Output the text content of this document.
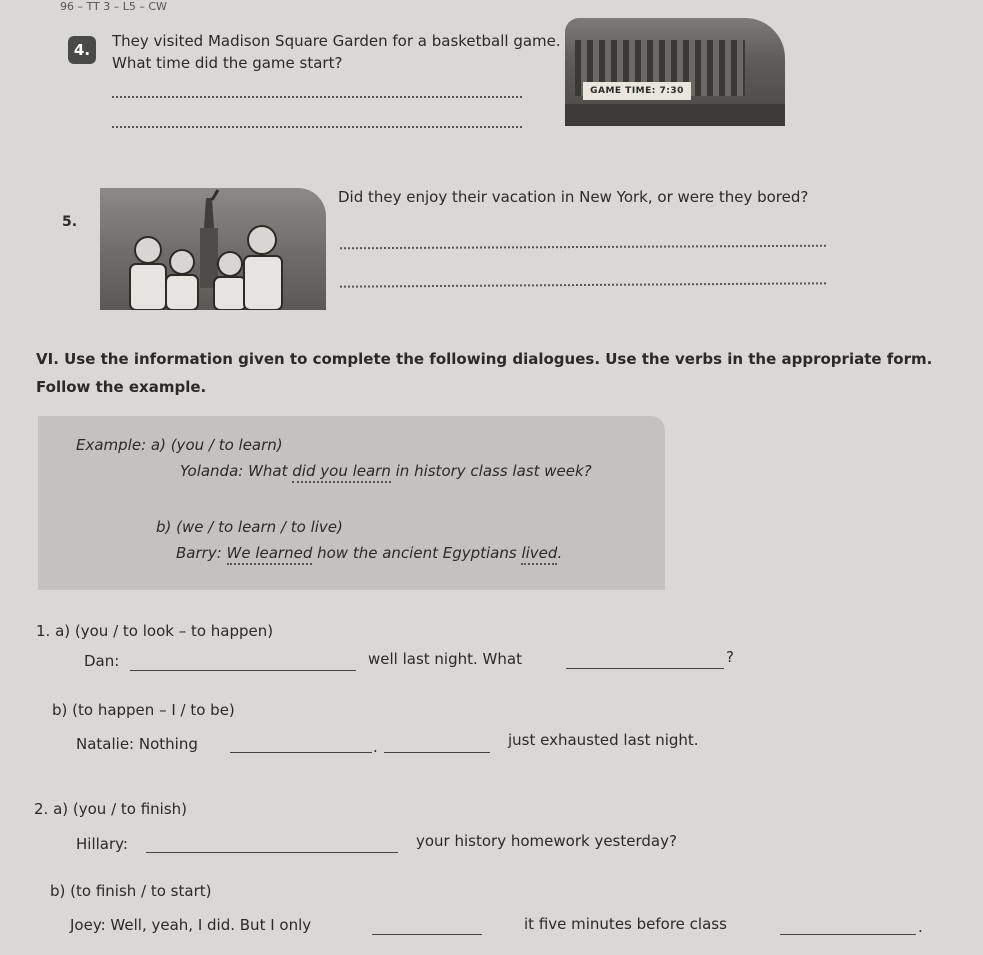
96 – TT 3 – L5 – CW
4.	They visited Madison Square Garden for a basketball game. What time did the game start?
GAME TIME: 7:30
5.
Did they enjoy their vacation in New York, or were they bored?
VI. Use the information given to complete the following dialogues. Use the verbs in the appropriate form. Follow the example.
Example: a) (you / to learn)
Yolanda: What did you learn in history class last week?
b) (we / to learn / to live)
Barry: We learned how the ancient Egyptians lived.
1. a) (you / to look – to happen)
Dan:	well last night. What	?
b) (to happen – I / to be)
Natalie: Nothing	.	just exhausted last night.
2. a) (you / to finish)
Hillary:	your history homework yesterday?
b) (to finish / to start)
Joey: Well, yeah, I did. But I only	it five minutes before class	.
